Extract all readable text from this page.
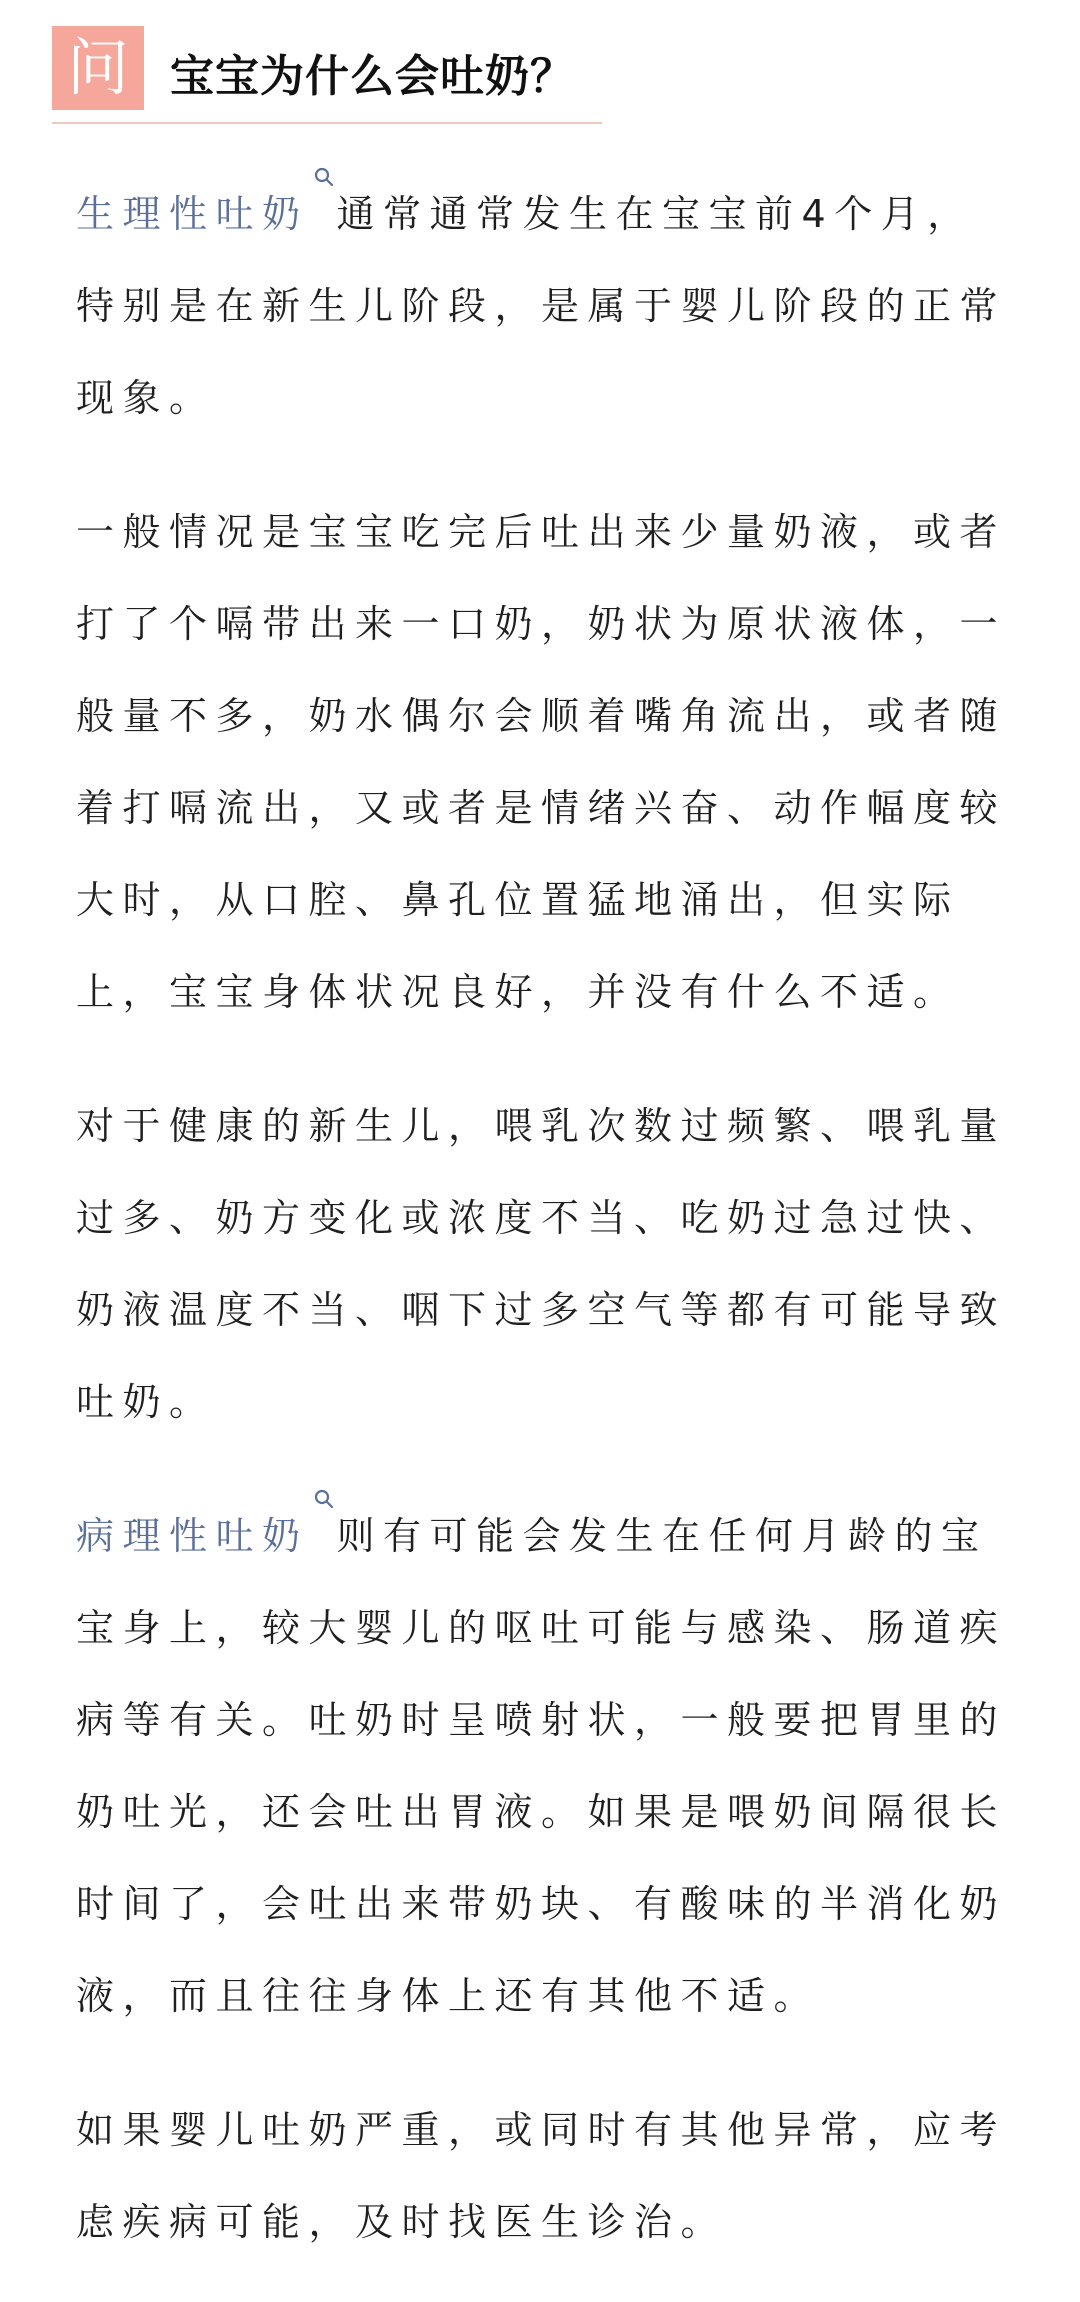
问 宝宝为什么会吐奶？

生理性吐奶 通常通常发生在宝宝前4个月，特别是在新生儿阶段，是属于婴儿阶段的正常现象。

一般情况是宝宝吃完后吐出来少量奶液，或者打了个嗝带出来一口奶，奶状为原状液体，一般量不多，奶水偶尔会顺着嘴角流出，或者随着打嗝流出，又或者是情绪兴奋、动作幅度较大时，从口腔、鼻孔位置猛地涌出，但实际上，宝宝身体状况良好，并没有什么不适。

对于健康的新生儿，喂乳次数过频繁、喂乳量过多、奶方变化或浓度不当、吃奶过急过快、奶液温度不当、咽下过多空气等都有可能导致吐奶。

病理性吐奶 则有可能会发生在任何月龄的宝宝身上，较大婴儿的呕吐可能与感染、肠道疾病等有关。吐奶时呈喷射状，一般要把胃里的奶吐光，还会吐出胃液。如果是喂奶间隔很长时间了，会吐出来带奶块、有酸味的半消化奶液，而且往往身体上还有其他不适。

如果婴儿吐奶严重，或同时有其他异常，应考虑疾病可能，及时找医生诊治。
